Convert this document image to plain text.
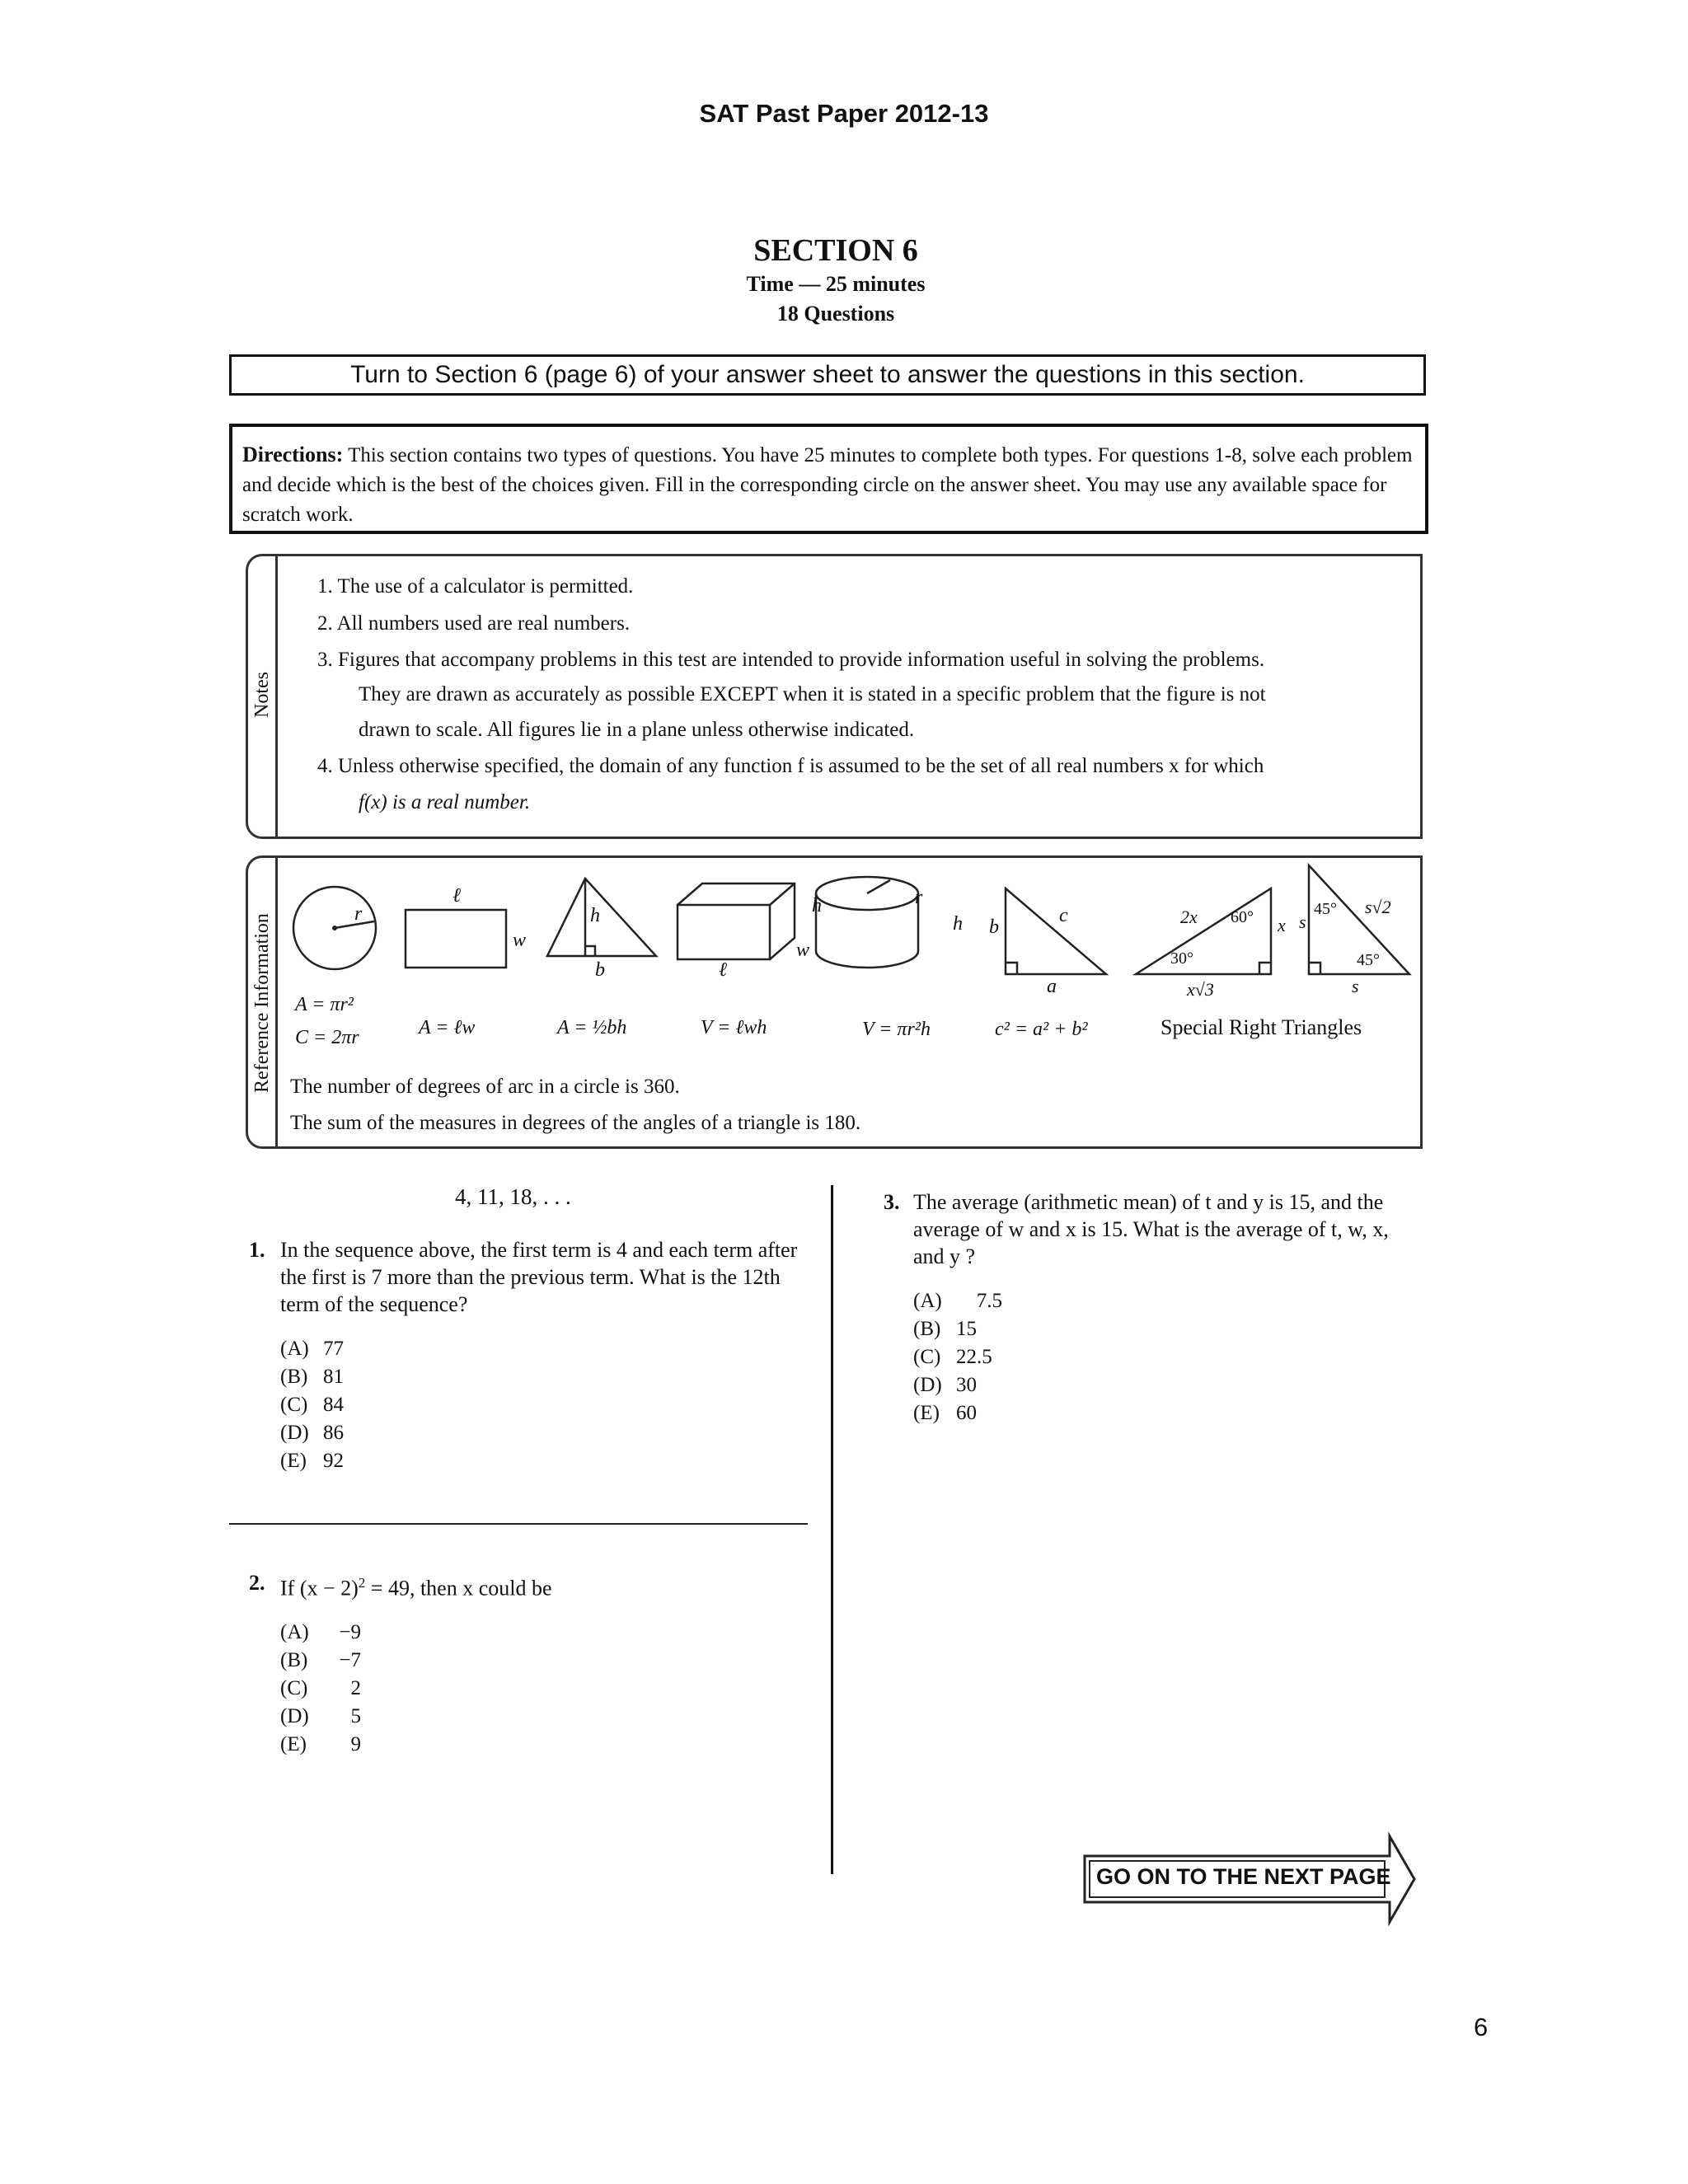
SAT Past Paper 2012-13
SECTION 6
Time — 25 minutes
18 Questions
Turn to Section 6 (page 6) of your answer sheet to answer the questions in this section.
Directions: This section contains two types of questions. You have 25 minutes to complete both types. For questions 1-8, solve each problem and decide which is the best of the choices given. Fill in the corresponding circle on the answer sheet. You may use any available space for scratch work.
Notes
1. The use of a calculator is permitted.
2. All numbers used are real numbers.
3. Figures that accompany problems in this test are intended to provide information useful in solving the problems.
They are drawn as accurately as possible EXCEPT when it is stated in a specific problem that the figure is not
drawn to scale. All figures lie in a plane unless otherwise indicated.
4. Unless otherwise specified, the domain of any function f is assumed to be the set of all real numbers x for which
f(x) is a real number.
Reference Information	r
A = πr²
C = 2πr
ℓ
w
A = ℓw
h
b
A = ½bh
h
w
ℓ
V = ℓwh
r
h
V = πr²h
c
b
a
c² = a² + b²
2x 60°
30°
x
x√3
s
45° s√2
45°
s
Special Right Triangles
The number of degrees of arc in a circle is 360.
The sum of the measures in degrees of the angles of a triangle is 180.
4, 11, 18, . . .
1. In the sequence above, the first term is 4 and each term after the first is 7 more than the previous term. What is the 12th term of the sequence?
(A) 77
(B) 81
(C) 84
(D) 86
(E) 92
2. If $(x - 2)^2 = 49$, then x could be
(A) −9
(B) −7
(C) 2
(D) 5
(E) 9
3. The average (arithmetic mean) of t and y is 15, and the average of w and x is 15. What is the average of t, w, x, and y ?
(A) 7.5
(B) 15
(C) 22.5
(D) 30
(E) 60
GO ON TO THE NEXT PAGE
6
